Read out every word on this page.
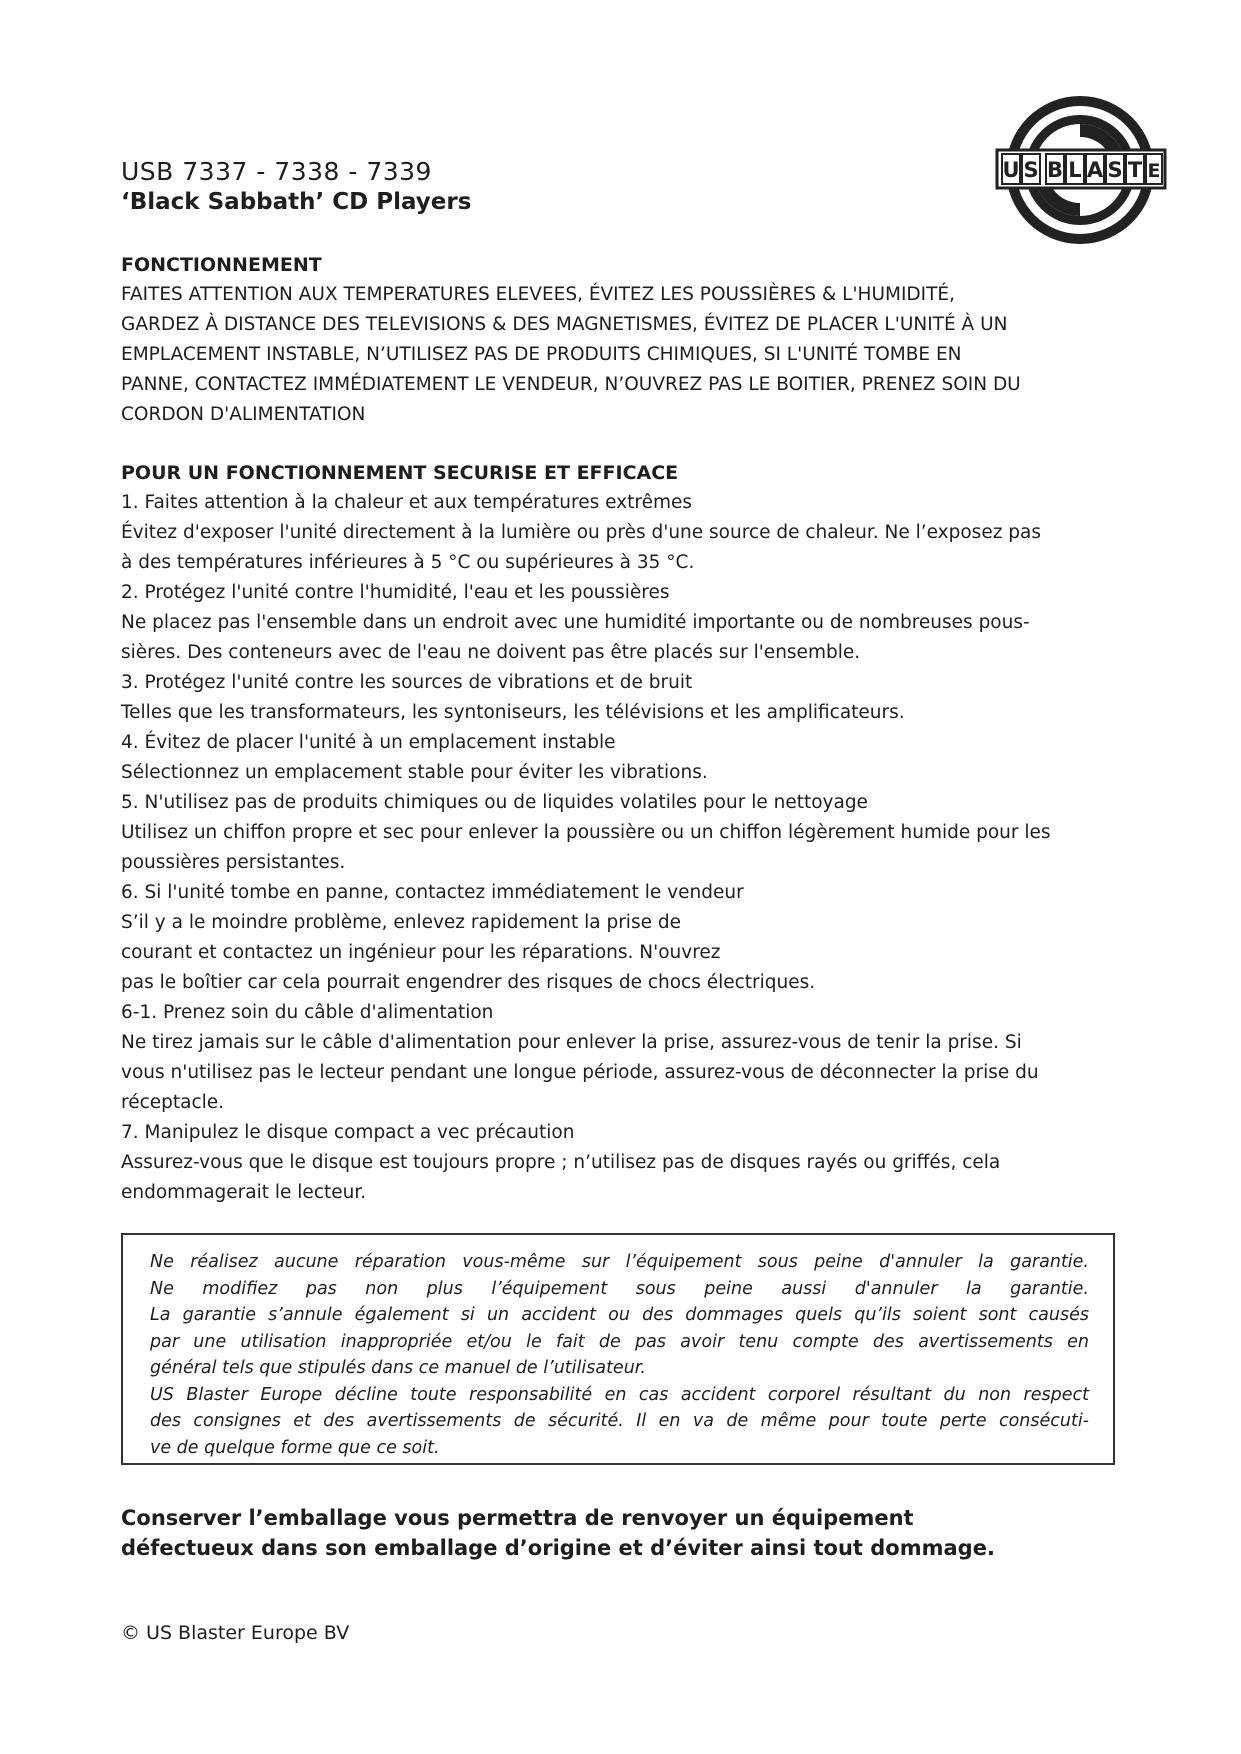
USB 7337 - 7338 - 7339
‘Black Sabbath’ CD Players
U S B L A S T E

FONCTIONNEMENT

FAITES ATTENTION AUX TEMPERATURES ELEVEES, ÉVITEZ LES POUSSIÈRES & L'HUMIDITÉ,

GARDEZ À DISTANCE DES TELEVISIONS & DES MAGNETISMES, ÉVITEZ DE PLACER L'UNITÉ À UN

EMPLACEMENT INSTABLE, N’UTILISEZ PAS DE PRODUITS CHIMIQUES, SI L'UNITÉ TOMBE EN

PANNE, CONTACTEZ IMMÉDIATEMENT LE VENDEUR, N’OUVREZ PAS LE BOITIER, PRENEZ SOIN DU

CORDON D'ALIMENTATION

POUR UN FONCTIONNEMENT SECURISE ET EFFICACE

1. Faites attention à la chaleur et aux températures extrêmes

Évitez d'exposer l'unité directement à la lumière ou près d'une source de chaleur. Ne l’exposez pas

à des températures inférieures à 5 °C ou supérieures à 35 °C.

2. Protégez l'unité contre l'humidité, l'eau et les poussières

Ne placez pas l'ensemble dans un endroit avec une humidité importante ou de nombreuses pous-

sières. Des conteneurs avec de l'eau ne doivent pas être placés sur l'ensemble.

3. Protégez l'unité contre les sources de vibrations et de bruit

Telles que les transformateurs, les syntoniseurs, les télévisions et les amplificateurs.

4. Évitez de placer l'unité à un emplacement instable

Sélectionnez un emplacement stable pour éviter les vibrations.

5. N'utilisez pas de produits chimiques ou de liquides volatiles pour le nettoyage

Utilisez un chiffon propre et sec pour enlever la poussière ou un chiffon légèrement humide pour les

poussières persistantes.

6. Si l'unité tombe en panne, contactez immédiatement le vendeur

S’il y a le moindre problème, enlevez rapidement la prise de

courant et contactez un ingénieur pour les réparations. N'ouvrez

pas le boîtier car cela pourrait engendrer des risques de chocs électriques.

6-1. Prenez soin du câble d'alimentation

Ne tirez jamais sur le câble d'alimentation pour enlever la prise, assurez-vous de tenir la prise. Si

vous n'utilisez pas le lecteur pendant une longue période, assurez-vous de déconnecter la prise du

réceptacle.

7. Manipulez le disque compact a vec précaution

Assurez-vous que le disque est toujours propre ; n’utilisez pas de disques rayés ou griffés, cela

endommagerait le lecteur.

Ne réalisez aucune réparation vous-même sur l’équipement sous peine d'annuler la garantie.

Ne modifiez pas non plus l’équipement sous peine aussi d'annuler la garantie.

La garantie s’annule également si un accident ou des dommages quels qu’ils soient sont causés

par une utilisation inappropriée et/ou le fait de pas avoir tenu compte des avertissements en

général tels que stipulés dans ce manuel de l’utilisateur.

US Blaster Europe décline toute responsabilité en cas accident corporel résultant du non respect

des consignes et des avertissements de sécurité. Il en va de même pour toute perte consécuti-

ve de quelque forme que ce soit.

Conserver l’emballage vous permettra de renvoyer un équipement
défectueux dans son emballage d’origine et d’éviter ainsi tout dommage.

© US Blaster Europe BV
